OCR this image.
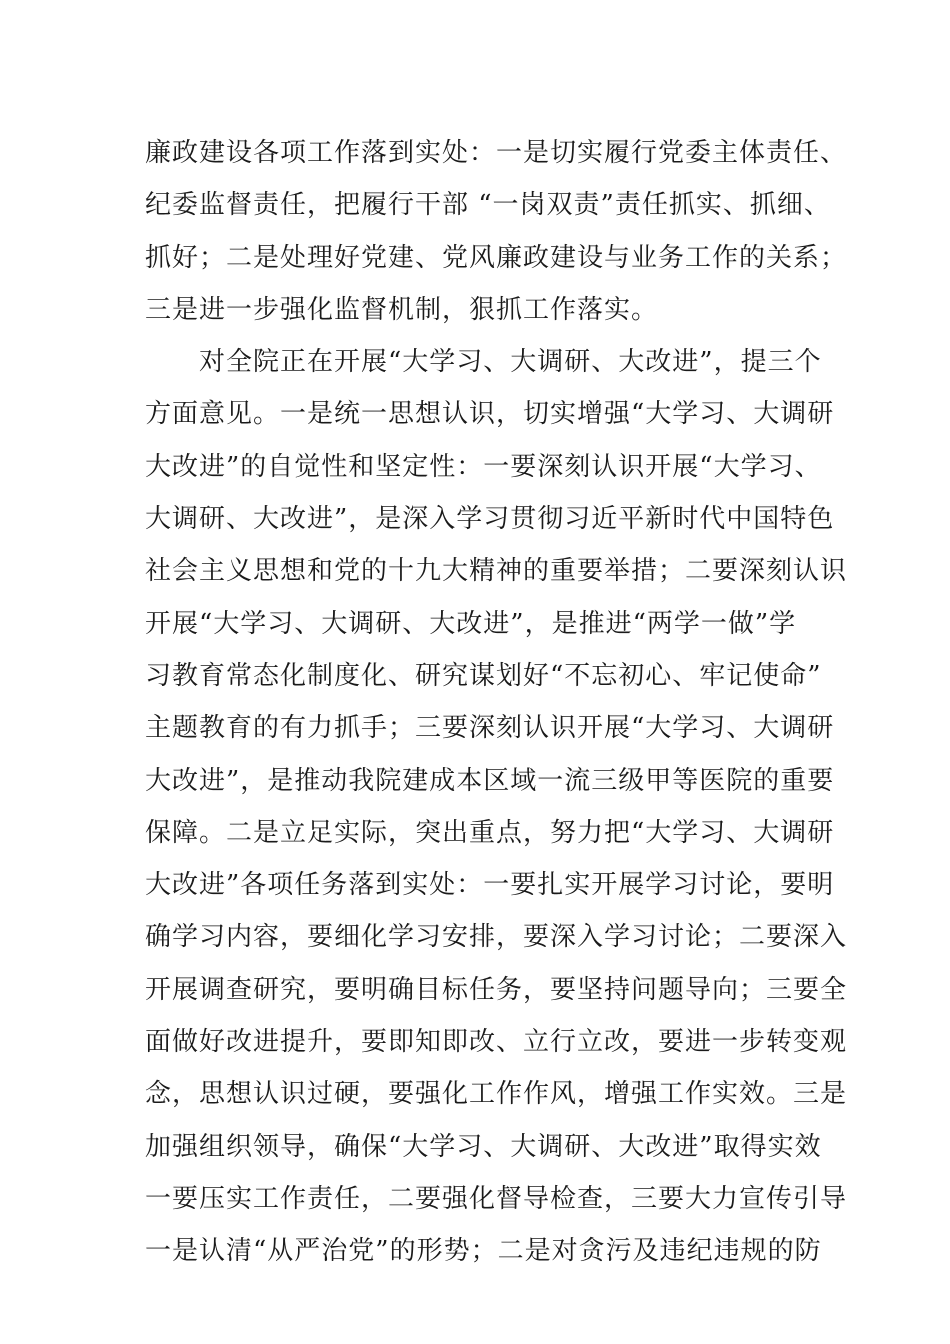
廉政建设各项工作落到实处：一是切实履行党委主体责任、
纪委监督责任，把履行干部 “一岗双责”责任抓实、抓细、
抓好；二是处理好党建、党风廉政建设与业务工作的关系；
三是进一步强化监督机制，狠抓工作落实。
　　对全院正在开展“大学习、大调研、大改进”，提三个
方面意见。一是统一思想认识，切实增强“大学习、大调研
大改进”的自觉性和坚定性：一要深刻认识开展“大学习、
大调研、大改进”，是深入学习贯彻习近平新时代中国特色
社会主义思想和党的十九大精神的重要举措；二要深刻认识
开展“大学习、大调研、大改进”，是推进“两学一做”学
习教育常态化制度化、研究谋划好“不忘初心、牢记使命”
主题教育的有力抓手；三要深刻认识开展“大学习、大调研
大改进”，是推动我院建成本区域一流三级甲等医院的重要
保障。二是立足实际，突出重点，努力把“大学习、大调研
大改进”各项任务落到实处：一要扎实开展学习讨论，要明
确学习内容，要细化学习安排，要深入学习讨论；二要深入
开展调查研究，要明确目标任务，要坚持问题导向；三要全
面做好改进提升，要即知即改、立行立改，要进一步转变观
念，思想认识过硬，要强化工作作风，增强工作实效。三是
加强组织领导，确保“大学习、大调研、大改进”取得实效
一要压实工作责任，二要强化督导检查，三要大力宣传引导
一是认清“从严治党”的形势；二是对贪污及违纪违规的防
